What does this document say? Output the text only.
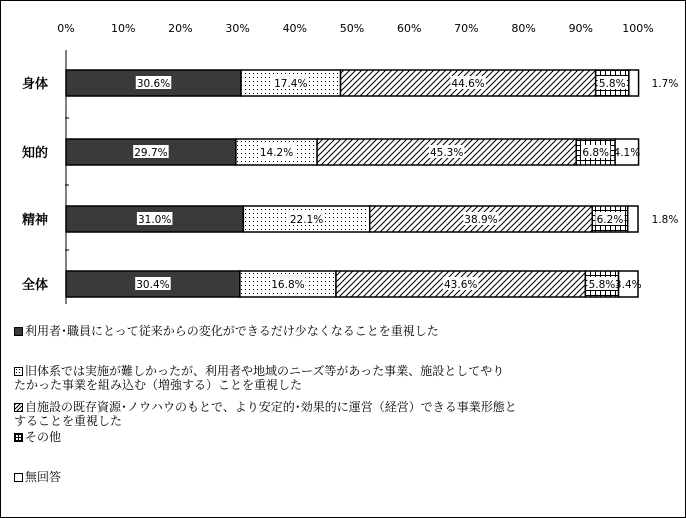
0%	10%	20%	30%	40%	50%	60%	70%	80%	90%	100%
身体
知的
精神
全体
30.6%	17.4%	44.6%	5.8% 1.7%
29.7%	14.2%	45.3%	6.8% 4.1%
31.0%	22.1%	38.9%	6.2%	1.8%
30.4%	16.8%	43.6%	5.8% 3.4%
利用者･職員にとって従来からの変化ができるだけ少なくなることを重視した
旧体系では実施が難しかったが、利用者や地域のニーズ等があった事業、施設としてやり
たかった事業を組み込む（増強する）ことを重視した
自施設の既存資源･ノウハウのもとで、より安定的･効果的に運営（経営）できる事業形態と
することを重視した
その他
無回答
